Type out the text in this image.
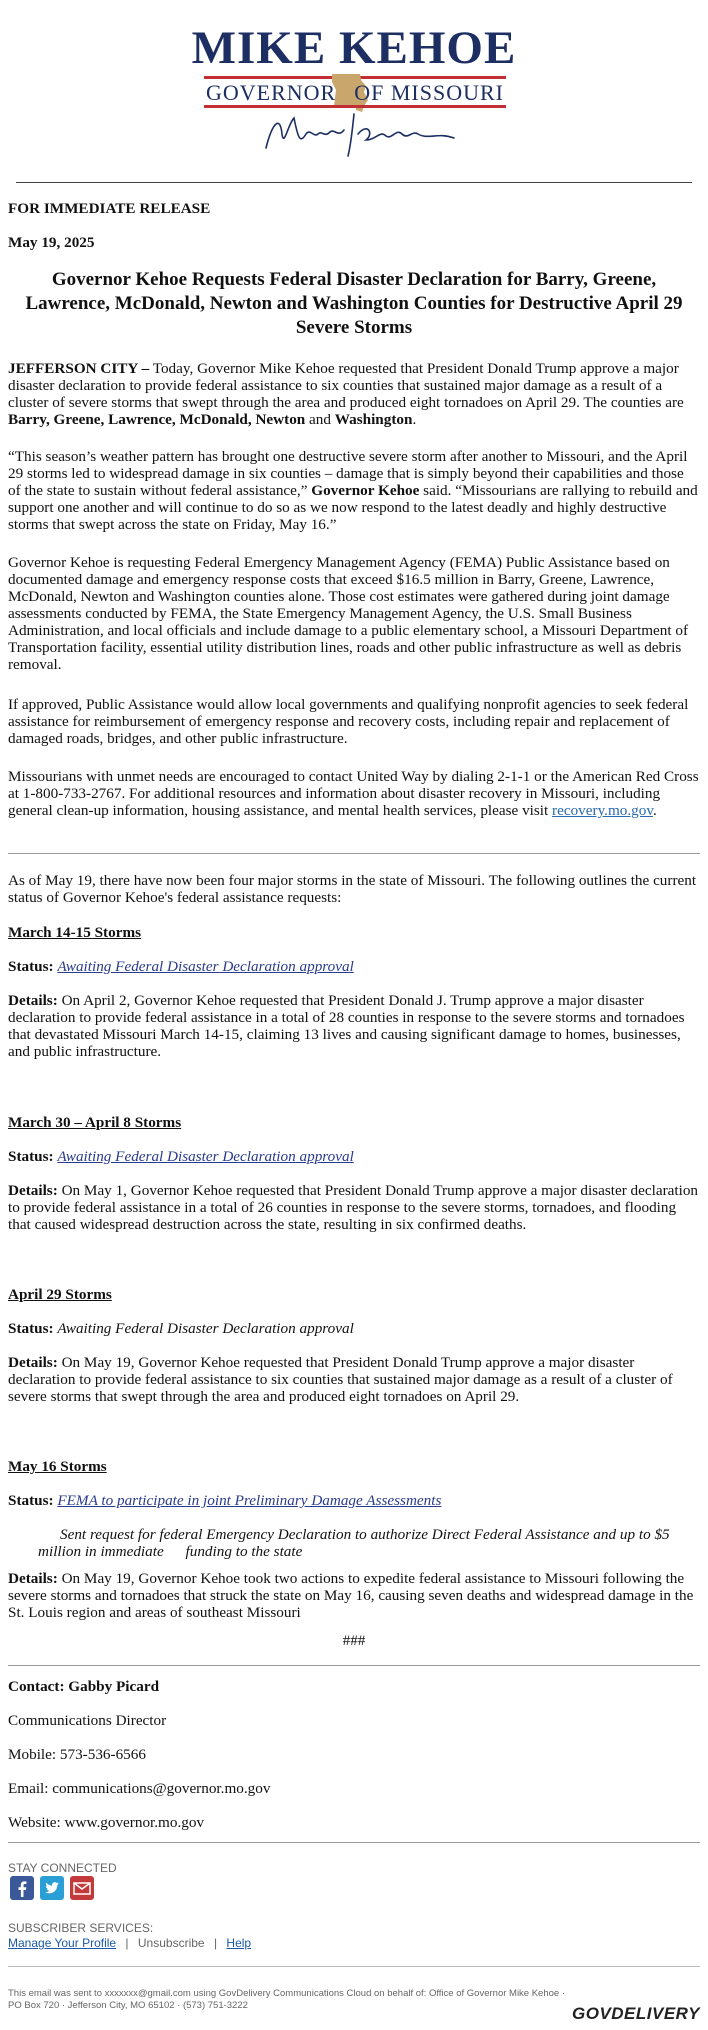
MIKE KEHOE
GOVERNOR OF MISSOURI
FOR IMMEDIATE RELEASE
May 19, 2025
Governor Kehoe Requests Federal Disaster Declaration for Barry, Greene, Lawrence, McDonald, Newton and Washington Counties for Destructive April 29 Severe Storms

JEFFERSON CITY – Today, Governor Mike Kehoe requested that President Donald Trump approve a major disaster declaration to provide federal assistance to six counties that sustained major damage as a result of a cluster of severe storms that swept through the area and produced eight tornadoes on April 29. The counties are Barry, Greene, Lawrence, McDonald, Newton and Washington.

“This season’s weather pattern has brought one destructive severe storm after another to Missouri, and the April 29 storms led to widespread damage in six counties – damage that is simply beyond their capabilities and those of the state to sustain without federal assistance,” Governor Kehoe said. “Missourians are rallying to rebuild and support one another and will continue to do so as we now respond to the latest deadly and highly destructive storms that swept across the state on Friday, May 16.”

Governor Kehoe is requesting Federal Emergency Management Agency (FEMA) Public Assistance based on documented damage and emergency response costs that exceed $16.5 million in Barry, Greene, Lawrence, McDonald, Newton and Washington counties alone. Those cost estimates were gathered during joint damage assessments conducted by FEMA, the State Emergency Management Agency, the U.S. Small Business Administration, and local officials and include damage to a public elementary school, a Missouri Department of Transportation facility, essential utility distribution lines, roads and other public infrastructure as well as debris removal.

If approved, Public Assistance would allow local governments and qualifying nonprofit agencies to seek federal assistance for reimbursement of emergency response and recovery costs, including repair and replacement of damaged roads, bridges, and other public infrastructure.

Missourians with unmet needs are encouraged to contact United Way by dialing 2-1-1 or the American Red Cross at 1-800-733-2767. For additional resources and information about disaster recovery in Missouri, including general clean-up information, housing assistance, and mental health services, please visit recovery.mo.gov.

As of May 19, there have now been four major storms in the state of Missouri. The following outlines the current status of Governor Kehoe's federal assistance requests:

March 14-15 Storms
Status: Awaiting Federal Disaster Declaration approval

Details: On April 2, Governor Kehoe requested that President Donald J. Trump approve a major disaster declaration to provide federal assistance in a total of 28 counties in response to the severe storms and tornadoes that devastated Missouri March 14-15, claiming 13 lives and causing significant damage to homes, businesses, and public infrastructure.

March 30 – April 8 Storms
Status: Awaiting Federal Disaster Declaration approval

Details: On May 1, Governor Kehoe requested that President Donald Trump approve a major disaster declaration to provide federal assistance in a total of 26 counties in response to the severe storms, tornadoes, and flooding that caused widespread destruction across the state, resulting in six confirmed deaths.

April 29 Storms
Status: Awaiting Federal Disaster Declaration approval

Details: On May 19, Governor Kehoe requested that President Donald Trump approve a major disaster declaration to provide federal assistance to six counties that sustained major damage as a result of a cluster of severe storms that swept through the area and produced eight tornadoes on April 29.

May 16 Storms
Status: FEMA to participate in joint Preliminary Damage Assessments
Sent request for federal Emergency Declaration to authorize Direct Federal Assistance and up to $5 million in immediate funding to the state

Details: On May 19, Governor Kehoe took two actions to expedite federal assistance to Missouri following the severe storms and tornadoes that struck the state on May 16, causing seven deaths and widespread damage in the St. Louis region and areas of southeast Missouri

###
Contact: Gabby Picard
Communications Director
Mobile: 573-536-6566
Email: communications@governor.mo.gov
Website: www.governor.mo.gov
STAY CONNECTED
SUBSCRIBER SERVICES:
Manage Your Profile | Unsubscribe | Help
This email was sent to xxxxxxx@gmail.com using GovDelivery Communications Cloud on behalf of: Office of Governor Mike Kehoe ·
PO Box 720 · Jefferson City, MO 65102 · (573) 751-3222	GOVDELIVERY
